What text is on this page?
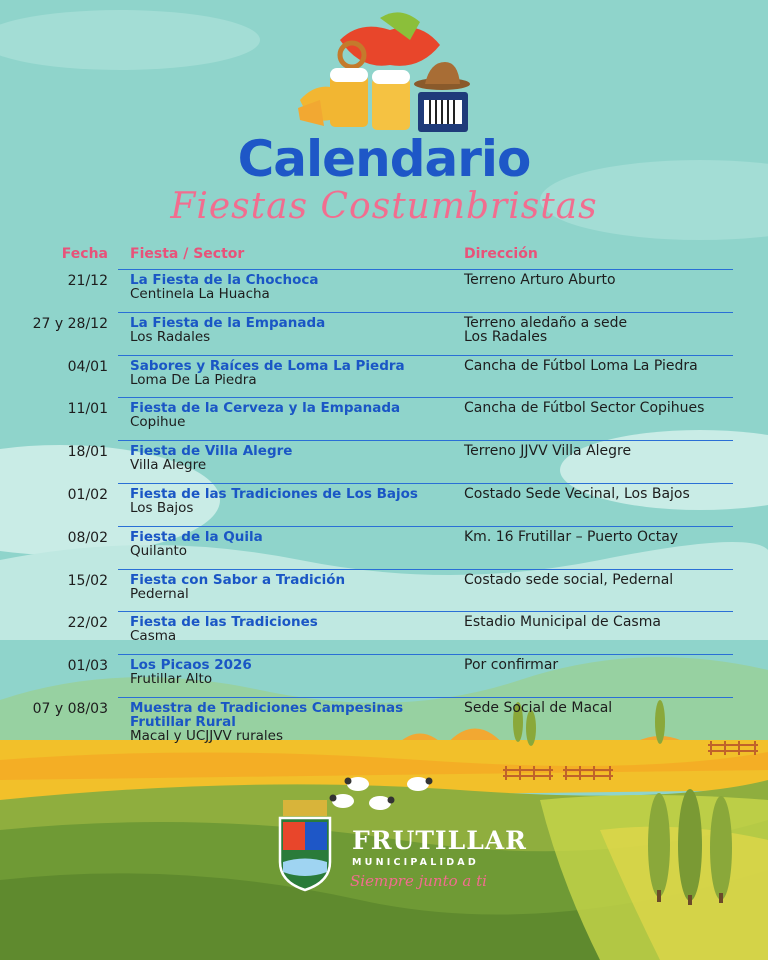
Calendario
Fiestas Costumbristas
Fecha Fiesta / Sector	Dirección
21/12 La Fiesta de la Chochoca
Centinela La Huacha
Terreno Arturo Aburto
27 y 28/12 La Fiesta de la Empanada
Los Radales
Terreno aledaño a sede
Los Radales
04/01 Sabores y Raíces de Loma La Piedra
Loma De La Piedra
Cancha de Fútbol Loma La Piedra
11/01 Fiesta de la Cerveza y la Empanada
Copihue
Cancha de Fútbol Sector Copihues
18/01 Fiesta de Villa Alegre
Villa Alegre
Terreno JJVV Villa Alegre
01/02 Fiesta de las Tradiciones de Los Bajos
Los Bajos
Costado Sede Vecinal, Los Bajos
08/02 Fiesta de la Quila
Quilanto
Km. 16 Frutillar – Puerto Octay
15/02 Fiesta con Sabor a Tradición
Pedernal
Costado sede social, Pedernal
22/02 Fiesta de las Tradiciones
Casma
Estadio Municipal de Casma
01/03 Los Picaos 2026
Frutillar Alto
Por confirmar
07 y 08/03 Muestra de Tradiciones Campesinas
Frutillar Rural
Macal y UCJJVV rurales
Sede Social de Macal
FRUTILLAR
MUNICIPALIDAD
Siempre junto a ti
